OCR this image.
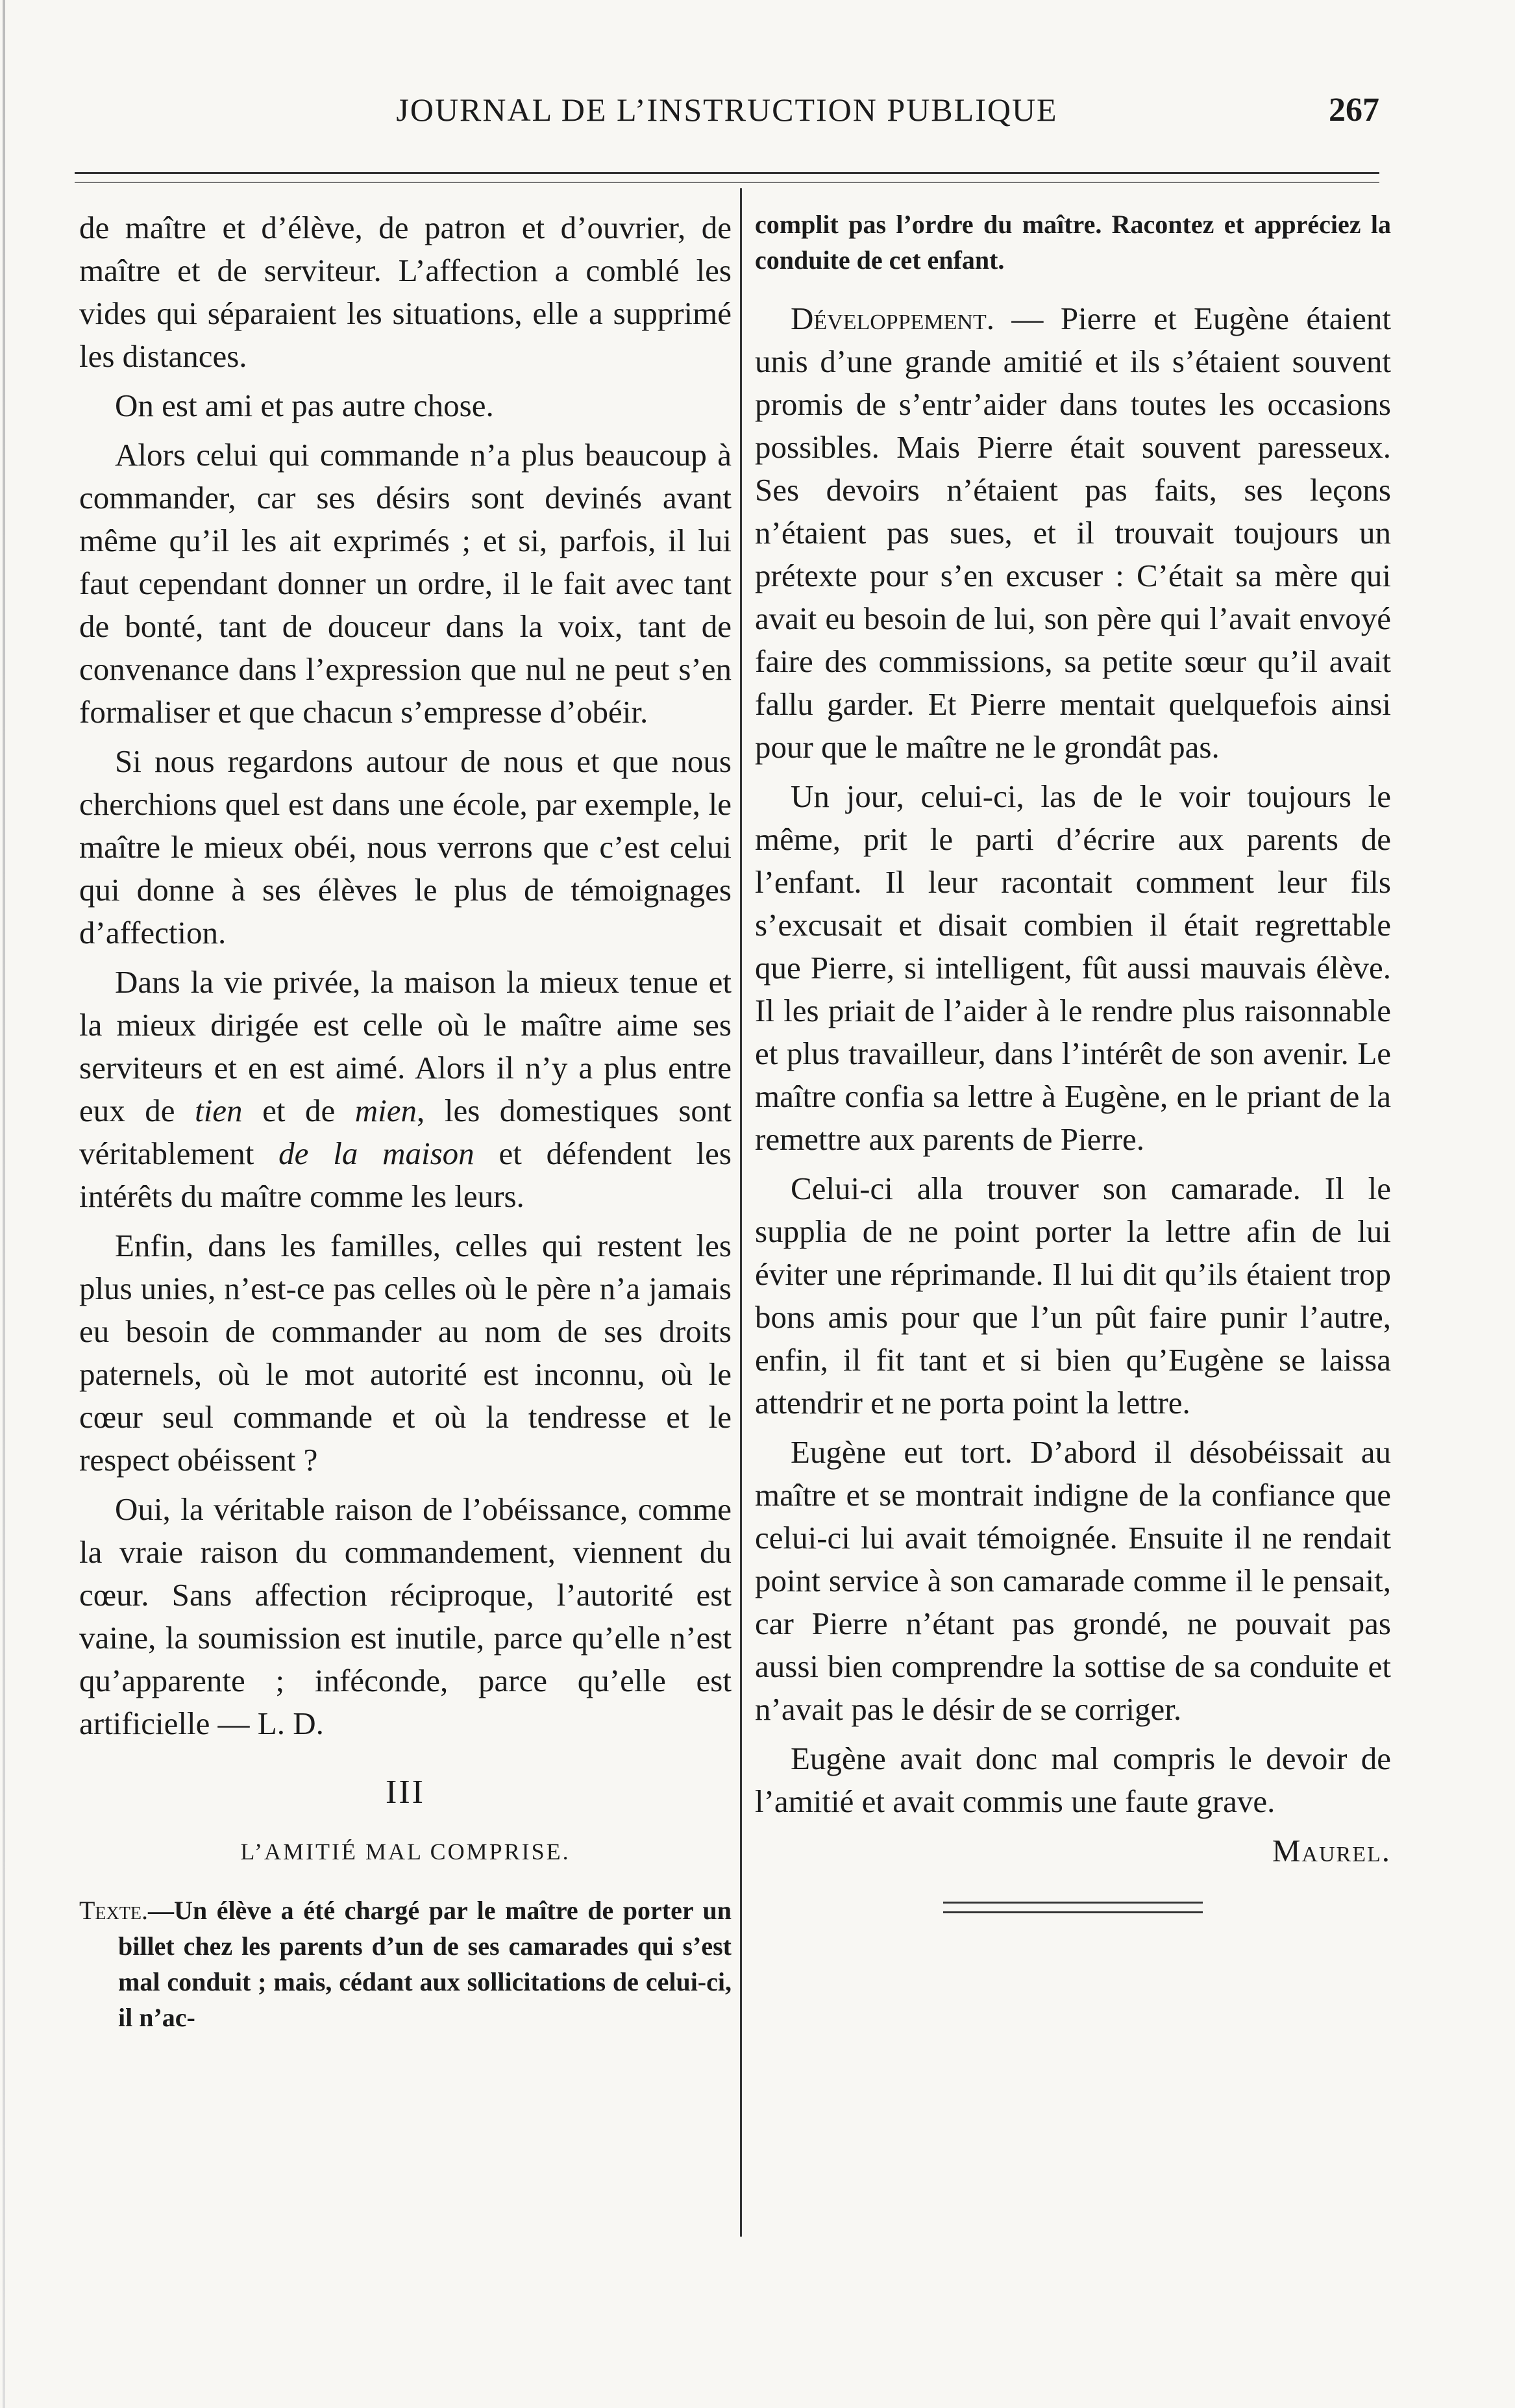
JOURNAL DE L’INSTRUCTION PUBLIQUE	267

de maître et d’élève, de patron et d’ouvrier, de maître et de serviteur. L’affection a comblé les vides qui séparaient les situations, elle a supprimé les distances.

On est ami et pas autre chose.

Alors celui qui commande n’a plus beaucoup à commander, car ses désirs sont devinés avant même qu’il les ait exprimés ; et si, parfois, il lui faut cependant donner un ordre, il le fait avec tant de bonté, tant de douceur dans la voix, tant de convenance dans l’expression que nul ne peut s’en formaliser et que chacun s’empresse d’obéir.

Si nous regardons autour de nous et que nous cherchions quel est dans une école, par exemple, le maître le mieux obéi, nous verrons que c’est celui qui donne à ses élèves le plus de témoignages d’affection.

Dans la vie privée, la maison la mieux tenue et la mieux dirigée est celle où le maître aime ses serviteurs et en est aimé. Alors il n’y a plus entre eux de tien et de mien, les domestiques sont véritablement de la maison et défendent les intérêts du maître comme les leurs.

Enfin, dans les familles, celles qui restent les plus unies, n’est-ce pas celles où le père n’a jamais eu besoin de commander au nom de ses droits paternels, où le mot autorité est inconnu, où le cœur seul commande et où la tendresse et le respect obéissent ?

Oui, la véritable raison de l’obéissance, comme la vraie raison du commandement, viennent du cœur. Sans affection réciproque, l’autorité est vaine, la soumission est inutile, parce qu’elle n’est qu’apparente ; inféconde, parce qu’elle est artificielle — L. D.

III
L’AMITIÉ MAL COMPRISE.
Texte.—Un élève a été chargé par le maître de porter un billet chez les parents d’un de ses camarades qui s’est mal conduit ; mais, cédant aux sollicitations de celui-ci, il n’ac-
complit pas l’ordre du maître. Racontez et appréciez la conduite de cet enfant.

Développement. — Pierre et Eugène étaient unis d’une grande amitié et ils s’étaient souvent promis de s’entr’aider dans toutes les occasions possibles. Mais Pierre était souvent paresseux. Ses devoirs n’étaient pas faits, ses leçons n’étaient pas sues, et il trouvait toujours un prétexte pour s’en excuser : C’était sa mère qui avait eu besoin de lui, son père qui l’avait envoyé faire des commissions, sa petite sœur qu’il avait fallu garder. Et Pierre mentait quelquefois ainsi pour que le maître ne le grondât pas.

Un jour, celui-ci, las de le voir toujours le même, prit le parti d’écrire aux parents de l’enfant. Il leur racontait comment leur fils s’excusait et disait combien il était regrettable que Pierre, si intelligent, fût aussi mauvais élève. Il les priait de l’aider à le rendre plus raisonnable et plus travailleur, dans l’intérêt de son avenir. Le maître confia sa lettre à Eugène, en le priant de la remettre aux parents de Pierre.

Celui-ci alla trouver son camarade. Il le supplia de ne point porter la lettre afin de lui éviter une réprimande. Il lui dit qu’ils étaient trop bons amis pour que l’un pût faire punir l’autre, enfin, il fit tant et si bien qu’Eugène se laissa attendrir et ne porta point la lettre.

Eugène eut tort. D’abord il désobéissait au maître et se montrait indigne de la confiance que celui-ci lui avait témoignée. Ensuite il ne rendait point service à son camarade comme il le pensait, car Pierre n’étant pas grondé, ne pouvait pas aussi bien comprendre la sottise de sa conduite et n’avait pas le désir de se corriger.

Eugène avait donc mal compris le devoir de l’amitié et avait commis une faute grave.

Maurel.
